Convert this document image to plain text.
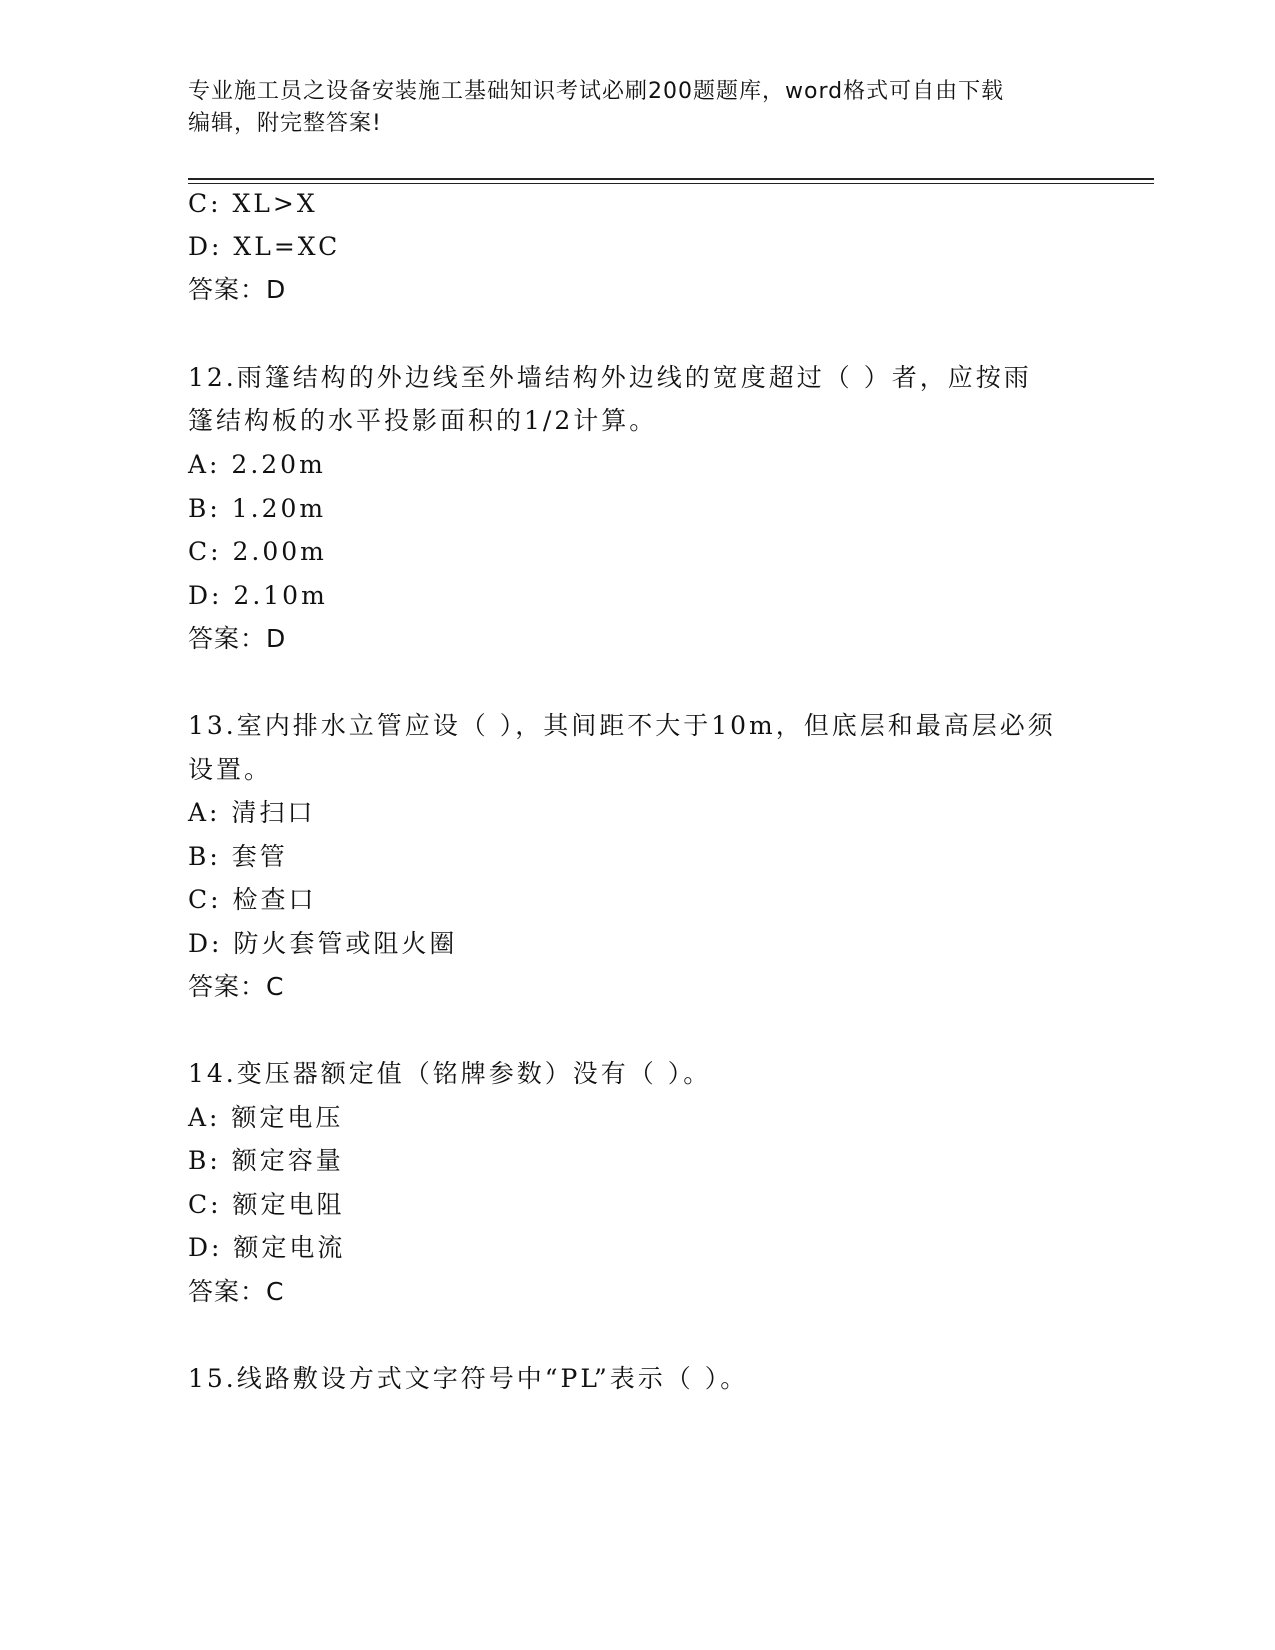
专业施工员之设备安装施工基础知识考试必刷200题题库，word格式可自由下载
编辑，附完整答案!
C: XL>X
D: XL=XC
答案：D
12.雨篷结构的外边线至外墙结构外边线的宽度超过（ ）者，应按雨
篷结构板的水平投影面积的1/2计算。
A: 2.20m
B: 1.20m
C: 2.00m
D: 2.10m
答案：D
13.室内排水立管应设（ ），其间距不大于10m，但底层和最高层必须
设置。
A: 清扫口
B: 套管
C: 检查口
D: 防火套管或阻火圈
答案：C
14.变压器额定值（铭牌参数）没有（ ）。
A: 额定电压
B: 额定容量
C: 额定电阻
D: 额定电流
答案：C
15.线路敷设方式文字符号中“PL”表示（ ）。
